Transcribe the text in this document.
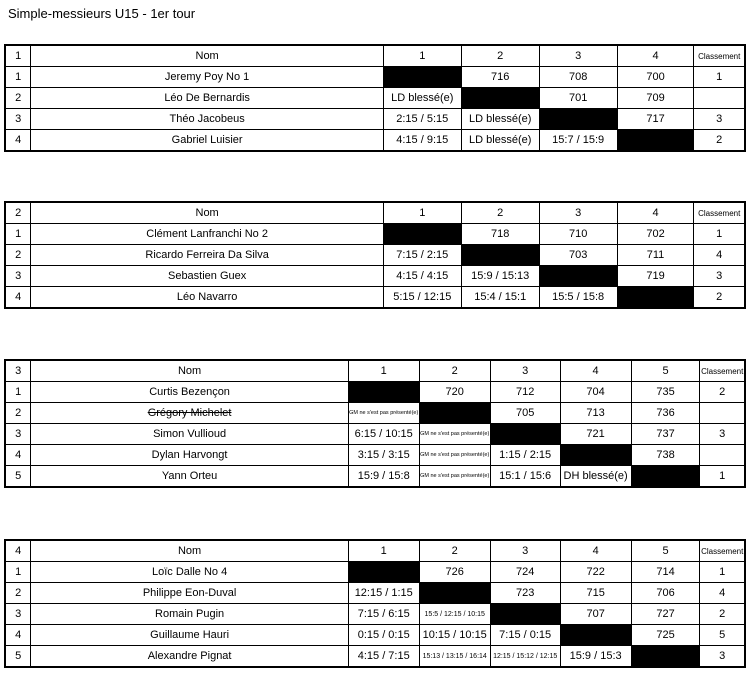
Simple-messieurs U15 - 1er tour
1	Nom	1	2	3	4	Classement
1	Jeremy Poy No 1		716	708	700	1
2	Léo De Bernardis	LD blessé(e)		701	709	
3	Théo Jacobeus	2:15 / 5:15	LD blessé(e)		717	3
4	Gabriel Luisier	4:15 / 9:15	LD blessé(e)	15:7 / 15:9		2
2	Nom	1	2	3	4	Classement
1	Clément Lanfranchi No 2		718	710	702	1
2	Ricardo Ferreira Da Silva	7:15 / 2:15		703	711	4
3	Sebastien Guex	4:15 / 4:15	15:9 / 15:13		719	3
4	Léo Navarro	5:15 / 12:15	15:4 / 15:1	15:5 / 15:8		2
3	Nom	1	2	3	4	5	Classement
1	Curtis Bezençon		720	712	704	735	2
2	Grégory Michelet	GM ne s'est pas présenté(e)		705	713	736	
3	Simon Vullioud	6:15 / 10:15	GM ne s'est pas présenté(e)		721	737	3
4	Dylan Harvongt	3:15 / 3:15	GM ne s'est pas présenté(e)	1:15 / 2:15		738	
5	Yann Orteu	15:9 / 15:8	GM ne s'est pas présenté(e)	15:1 / 15:6	DH blessé(e)		1
4	Nom	1	2	3	4	5	Classement
1	Loïc Dalle No 4		726	724	722	714	1
2	Philippe Eon-Duval	12:15 / 1:15		723	715	706	4
3	Romain Pugin	7:15 / 6:15	15:5 / 12:15 / 10:15		707	727	2
4	Guillaume Hauri	0:15 / 0:15	10:15 / 10:15	7:15 / 0:15		725	5
5	Alexandre Pignat	4:15 / 7:15	15:13 / 13:15 / 16:14	12:15 / 15:12 / 12:15	15:9 / 15:3		3
